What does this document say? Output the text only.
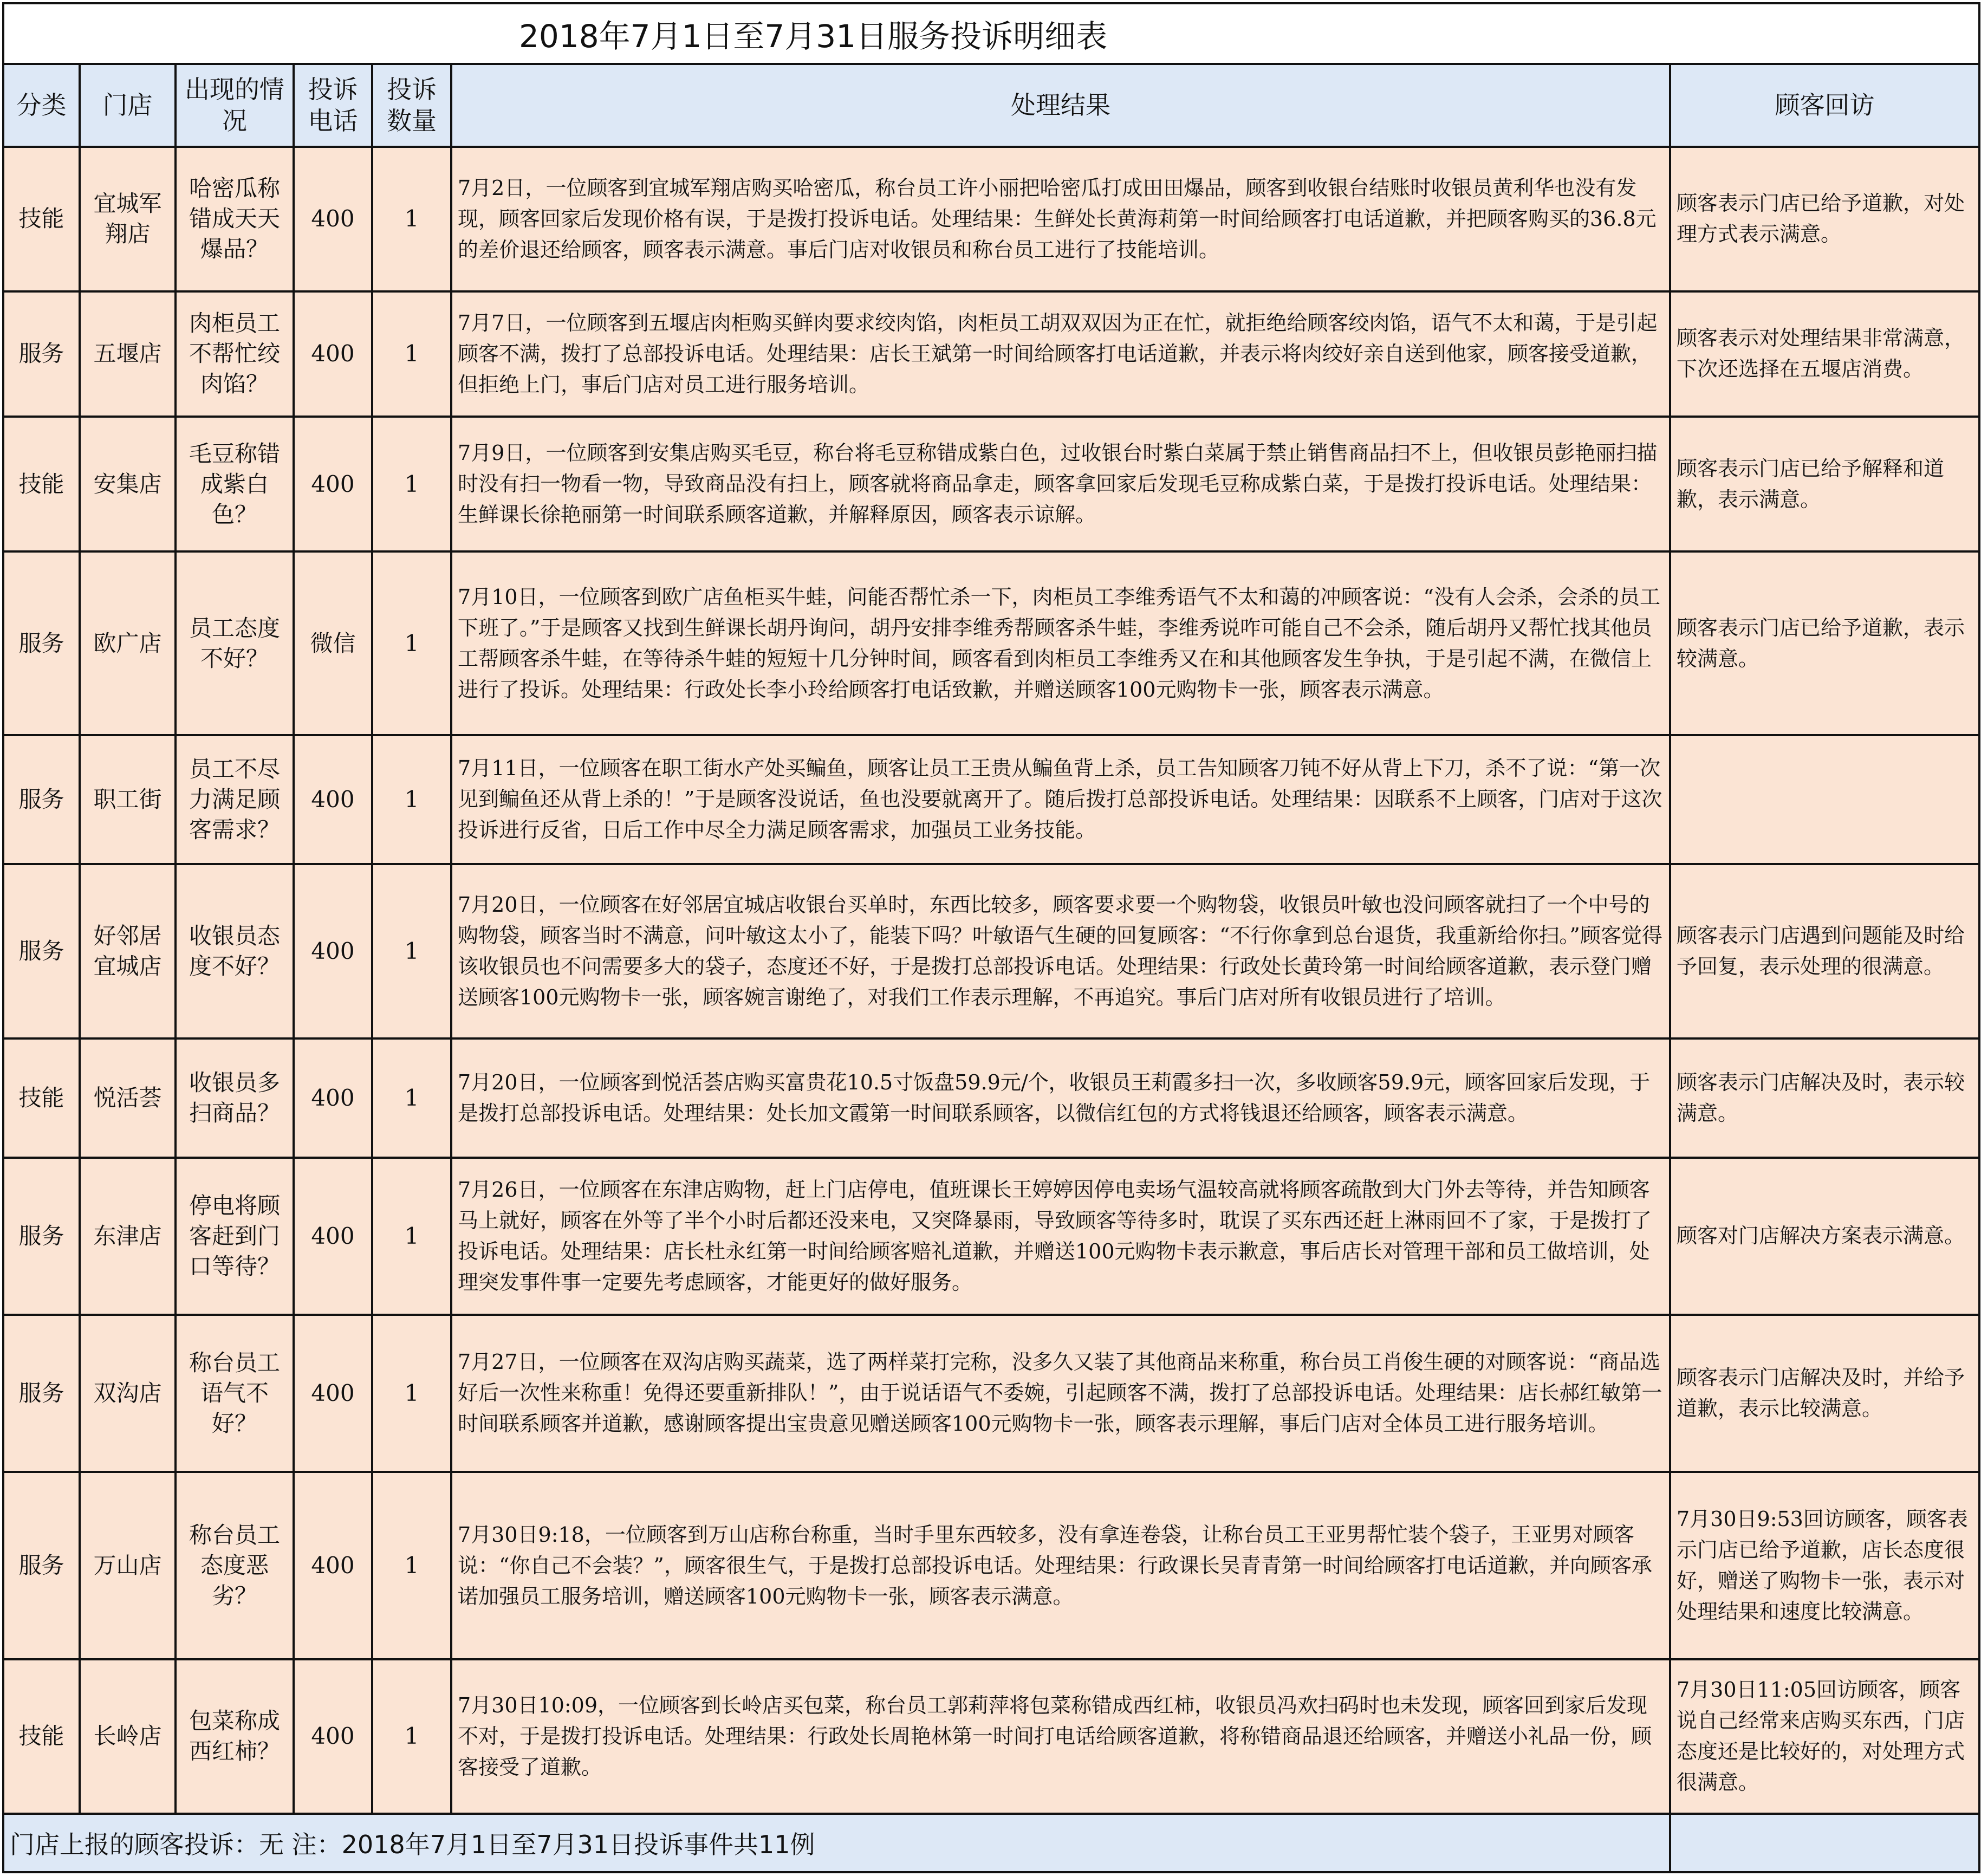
2018年7月1日至7月31日服务投诉明细表						
分类	门店	出现的情况	投诉电话	投诉数量	处理结果	顾客回访
技能	宜城军翔店	哈密瓜称错成天天爆品？	400	1	7月2日，一位顾客到宜城军翔店购买哈密瓜，称台员工许小丽把哈密瓜打成田田爆品，顾客到收银台结账时收银员黄利华也没有发现，顾客回家后发现价格有误，于是拨打投诉电话。处理结果：生鲜处长黄海莉第一时间给顾客打电话道歉，并把顾客购买的36.8元的差价退还给顾客，顾客表示满意。事后门店对收银员和称台员工进行了技能培训。	顾客表示门店已给予道歉，对处理方式表示满意。
服务	五堰店	肉柜员工不帮忙绞肉馅？	400	1	7月7日，一位顾客到五堰店肉柜购买鲜肉要求绞肉馅，肉柜员工胡双双因为正在忙，就拒绝给顾客绞肉馅，语气不太和蔼，于是引起顾客不满，拨打了总部投诉电话。处理结果：店长王斌第一时间给顾客打电话道歉，并表示将肉绞好亲自送到他家，顾客接受道歉，但拒绝上门，事后门店对员工进行服务培训。	顾客表示对处理结果非常满意，下次还选择在五堰店消费。
技能	安集店	毛豆称错成紫白色？	400	1	7月9日，一位顾客到安集店购买毛豆，称台将毛豆称错成紫白色，过收银台时紫白菜属于禁止销售商品扫不上，但收银员彭艳丽扫描时没有扫一物看一物，导致商品没有扫上，顾客就将商品拿走，顾客拿回家后发现毛豆称成紫白菜，于是拨打投诉电话。处理结果：生鲜课长徐艳丽第一时间联系顾客道歉，并解释原因，顾客表示谅解。	顾客表示门店已给予解释和道歉，表示满意。
服务	欧广店	员工态度不好？	微信	1	7月10日，一位顾客到欧广店鱼柜买牛蛙，问能否帮忙杀一下，肉柜员工李维秀语气不太和蔼的冲顾客说：“没有人会杀，会杀的员工下班了。”于是顾客又找到生鲜课长胡丹询问，胡丹安排李维秀帮顾客杀牛蛙，李维秀说咋可能自己不会杀，随后胡丹又帮忙找其他员工帮顾客杀牛蛙，在等待杀牛蛙的短短十几分钟时间，顾客看到肉柜员工李维秀又在和其他顾客发生争执，于是引起不满，在微信上进行了投诉。处理结果：行政处长李小玲给顾客打电话致歉，并赠送顾客100元购物卡一张，顾客表示满意。	顾客表示门店已给予道歉，表示较满意。
服务	职工街	员工不尽力满足顾客需求？	400	1	7月11日，一位顾客在职工街水产处买鳊鱼，顾客让员工王贵从鳊鱼背上杀，员工告知顾客刀钝不好从背上下刀，杀不了说：“第一次见到鳊鱼还从背上杀的！”于是顾客没说话，鱼也没要就离开了。随后拨打总部投诉电话。处理结果：因联系不上顾客，门店对于这次投诉进行反省，日后工作中尽全力满足顾客需求，加强员工业务技能。	
服务	好邻居宜城店	收银员态度不好？	400	1	7月20日，一位顾客在好邻居宜城店收银台买单时，东西比较多，顾客要求要一个购物袋，收银员叶敏也没问顾客就扫了一个中号的购物袋，顾客当时不满意，问叶敏这太小了，能装下吗？叶敏语气生硬的回复顾客：“不行你拿到总台退货，我重新给你扫。”顾客觉得该收银员也不问需要多大的袋子，态度还不好，于是拨打总部投诉电话。处理结果：行政处长黄玲第一时间给顾客道歉，表示登门赠送顾客100元购物卡一张，顾客婉言谢绝了，对我们工作表示理解，不再追究。事后门店对所有收银员进行了培训。	顾客表示门店遇到问题能及时给予回复，表示处理的很满意。
技能	悦活荟	收银员多扫商品？	400	1	7月20日，一位顾客到悦活荟店购买富贵花10.5寸饭盘59.9元/个，收银员王莉霞多扫一次，多收顾客59.9元，顾客回家后发现，于是拨打总部投诉电话。处理结果：处长加文霞第一时间联系顾客，以微信红包的方式将钱退还给顾客，顾客表示满意。	顾客表示门店解决及时，表示较满意。
服务	东津店	停电将顾客赶到门口等待？	400	1	7月26日，一位顾客在东津店购物，赶上门店停电，值班课长王婷婷因停电卖场气温较高就将顾客疏散到大门外去等待，并告知顾客马上就好，顾客在外等了半个小时后都还没来电，又突降暴雨，导致顾客等待多时，耽误了买东西还赶上淋雨回不了家，于是拨打了投诉电话。处理结果：店长杜永红第一时间给顾客赔礼道歉，并赠送100元购物卡表示歉意，事后店长对管理干部和员工做培训，处理突发事件事一定要先考虑顾客，才能更好的做好服务。	顾客对门店解决方案表示满意。
服务	双沟店	称台员工语气不好？	400	1	7月27日，一位顾客在双沟店购买蔬菜，选了两样菜打完称，没多久又装了其他商品来称重，称台员工肖俊生硬的对顾客说：“商品选好后一次性来称重！免得还要重新排队！”，由于说话语气不委婉，引起顾客不满，拨打了总部投诉电话。处理结果：店长郝红敏第一时间联系顾客并道歉，感谢顾客提出宝贵意见赠送顾客100元购物卡一张，顾客表示理解，事后门店对全体员工进行服务培训。	顾客表示门店解决及时，并给予道歉，表示比较满意。
服务	万山店	称台员工态度恶劣？	400	1	7月30日9:18，一位顾客到万山店称台称重，当时手里东西较多，没有拿连卷袋，让称台员工王亚男帮忙装个袋子，王亚男对顾客说：“你自己不会装？”，顾客很生气，于是拨打总部投诉电话。处理结果：行政课长吴青青第一时间给顾客打电话道歉，并向顾客承诺加强员工服务培训，赠送顾客100元购物卡一张，顾客表示满意。	7月30日9:53回访顾客，顾客表示门店已给予道歉，店长态度很好，赠送了购物卡一张，表示对处理结果和速度比较满意。
技能	长岭店	包菜称成西红柿？	400	1	7月30日10:09，一位顾客到长岭店买包菜，称台员工郭莉萍将包菜称错成西红柿，收银员冯欢扫码时也未发现，顾客回到家后发现不对，于是拨打投诉电话。处理结果：行政处长周艳林第一时间打电话给顾客道歉，将称错商品退还给顾客，并赠送小礼品一份，顾客接受了道歉。	7月30日11:05回访顾客，顾客说自己经常来店购买东西，门店态度还是比较好的，对处理方式很满意。
门店上报的顾客投诉：无 注：2018年7月1日至7月31日投诉事件共11例						
